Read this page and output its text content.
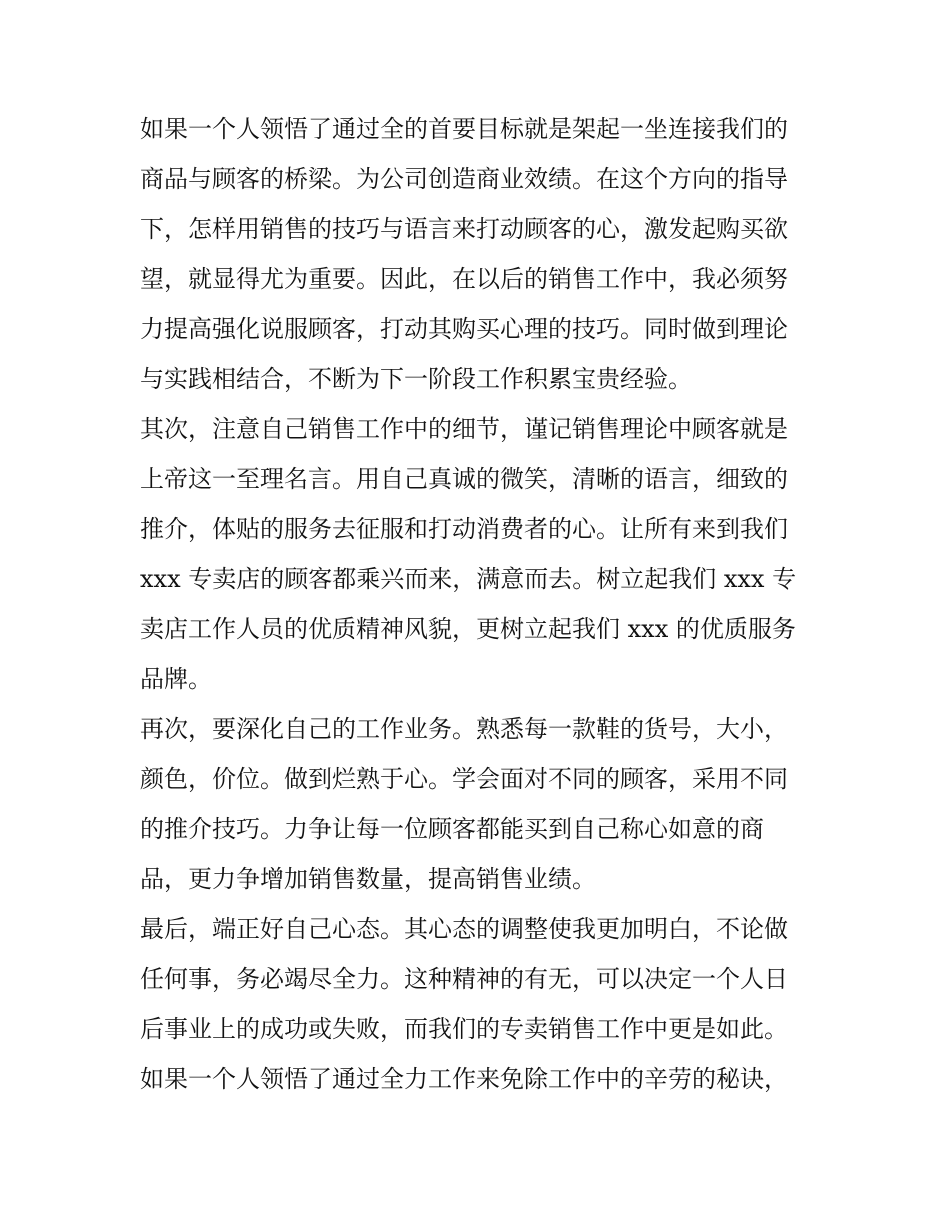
如果一个人领悟了通过全的首要目标就是架起一坐连接我们的
商品与顾客的桥梁。为公司创造商业效绩。在这个方向的指导
下，怎样用销售的技巧与语言来打动顾客的心，激发起购买欲
望，就显得尤为重要。因此，在以后的销售工作中，我必须努
力提高强化说服顾客，打动其购买心理的技巧。同时做到理论
与实践相结合，不断为下一阶段工作积累宝贵经验。
其次，注意自己销售工作中的细节，谨记销售理论中顾客就是
上帝这一至理名言。用自己真诚的微笑，清晰的语言，细致的
推介，体贴的服务去征服和打动消费者的心。让所有来到我们
xxx 专卖店的顾客都乘兴而来，满意而去。树立起我们 xxx 专
卖店工作人员的优质精神风貌，更树立起我们 xxx 的优质服务
品牌。
再次，要深化自己的工作业务。熟悉每一款鞋的货号，大小，
颜色，价位。做到烂熟于心。学会面对不同的顾客，采用不同
的推介技巧。力争让每一位顾客都能买到自己称心如意的商
品，更力争增加销售数量，提高销售业绩。
最后，端正好自己心态。其心态的调整使我更加明白，不论做
任何事，务必竭尽全力。这种精神的有无，可以决定一个人日
后事业上的成功或失败，而我们的专卖销售工作中更是如此。
如果一个人领悟了通过全力工作来免除工作中的辛劳的秘诀，
